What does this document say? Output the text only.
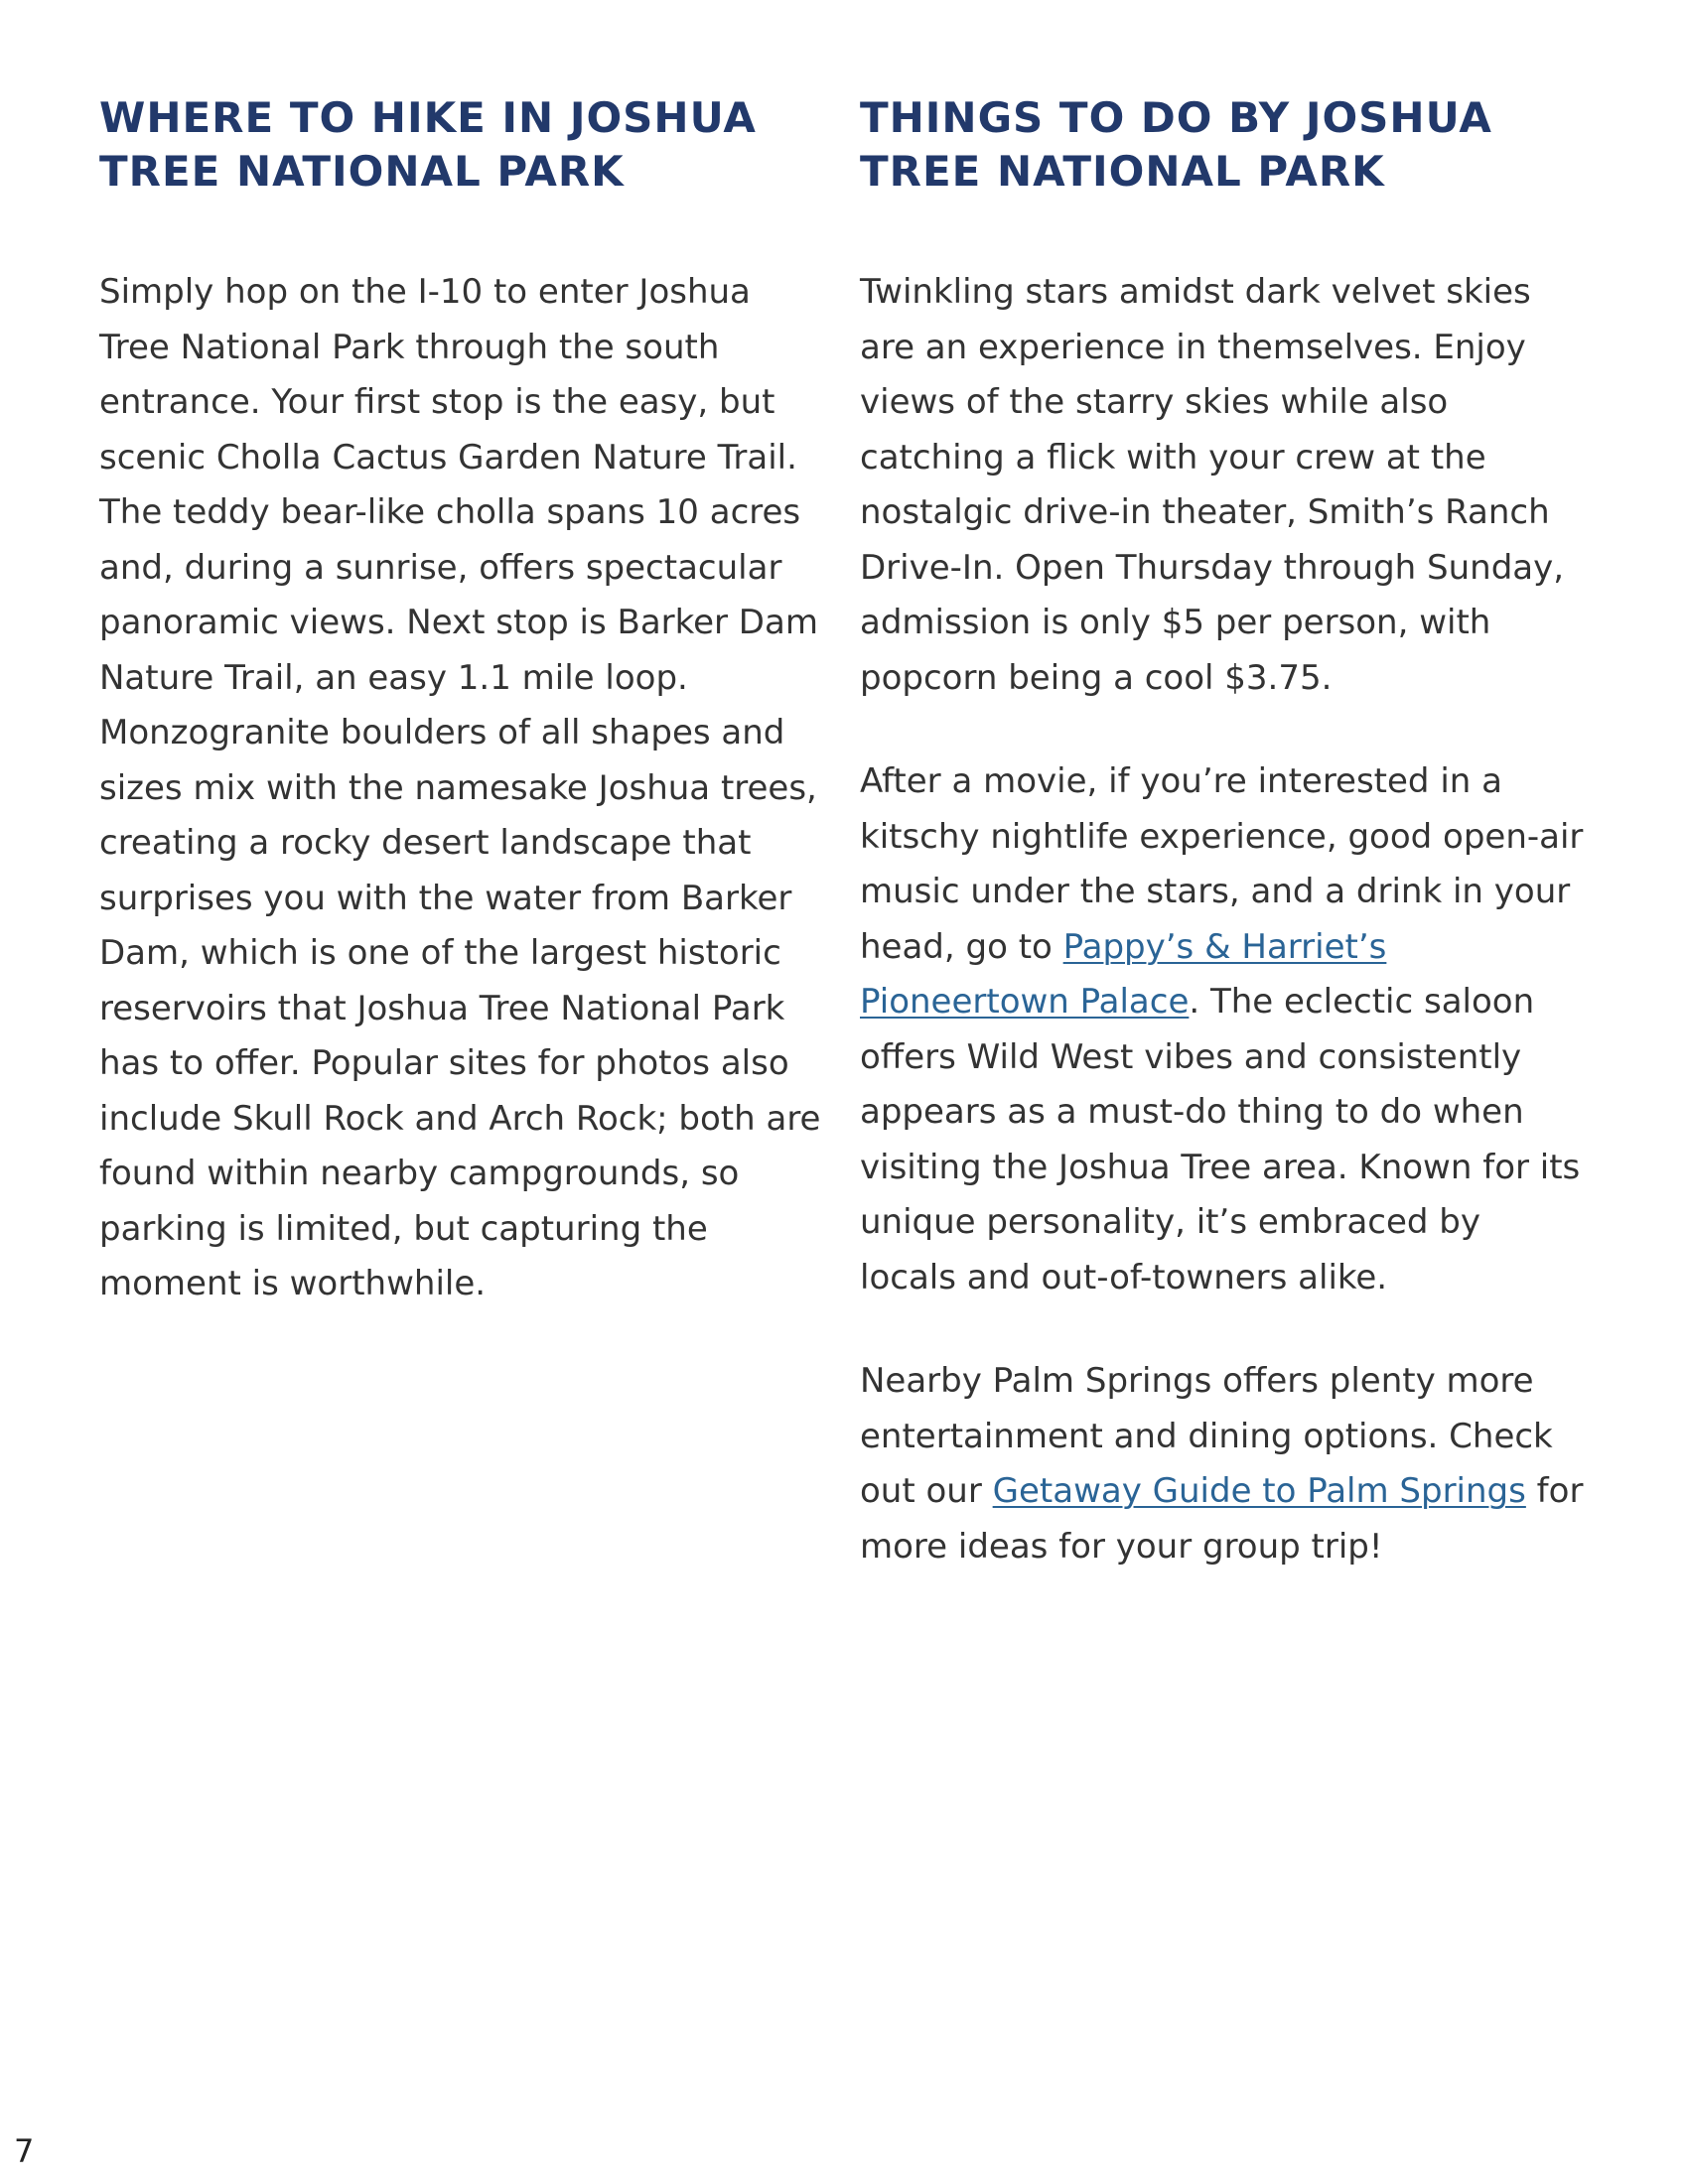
WHERE TO HIKE IN JOSHUA TREE NATIONAL PARK

Simply hop on the I-10 to enter Joshua Tree National Park through the south entrance. Your first stop is the easy, but scenic Cholla Cactus Garden Nature Trail. The teddy bear-like cholla spans 10 acres and, during a sunrise, offers spectacular panoramic views. Next stop is Barker Dam Nature Trail, an easy 1.1 mile loop. Monzogranite boulders of all shapes and sizes mix with the namesake Joshua trees, creating a rocky desert landscape that surprises you with the water from Barker Dam, which is one of the largest historic reservoirs that Joshua Tree National Park has to offer. Popular sites for photos also include Skull Rock and Arch Rock; both are found within nearby campgrounds, so parking is limited, but capturing the moment is worthwhile.

THINGS TO DO BY JOSHUA TREE NATIONAL PARK

Twinkling stars amidst dark velvet skies are an experience in themselves. Enjoy views of the starry skies while also catching a flick with your crew at the nostalgic drive-in theater, Smith’s Ranch Drive-In. Open Thursday through Sunday, admission is only $5 per person, with popcorn being a cool $3.75.

After a movie, if you’re interested in a kitschy nightlife experience, good open-air music under the stars, and a drink in your head, go to Pappy’s & Harriet’s Pioneertown Palace. The eclectic saloon offers Wild West vibes and consistently appears as a must-do thing to do when visiting the Joshua Tree area. Known for its unique personality, it’s embraced by locals and out-of-towners alike.

Nearby Palm Springs offers plenty more entertainment and dining options. Check out our Getaway Guide to Palm Springs for more ideas for your group trip!

7
